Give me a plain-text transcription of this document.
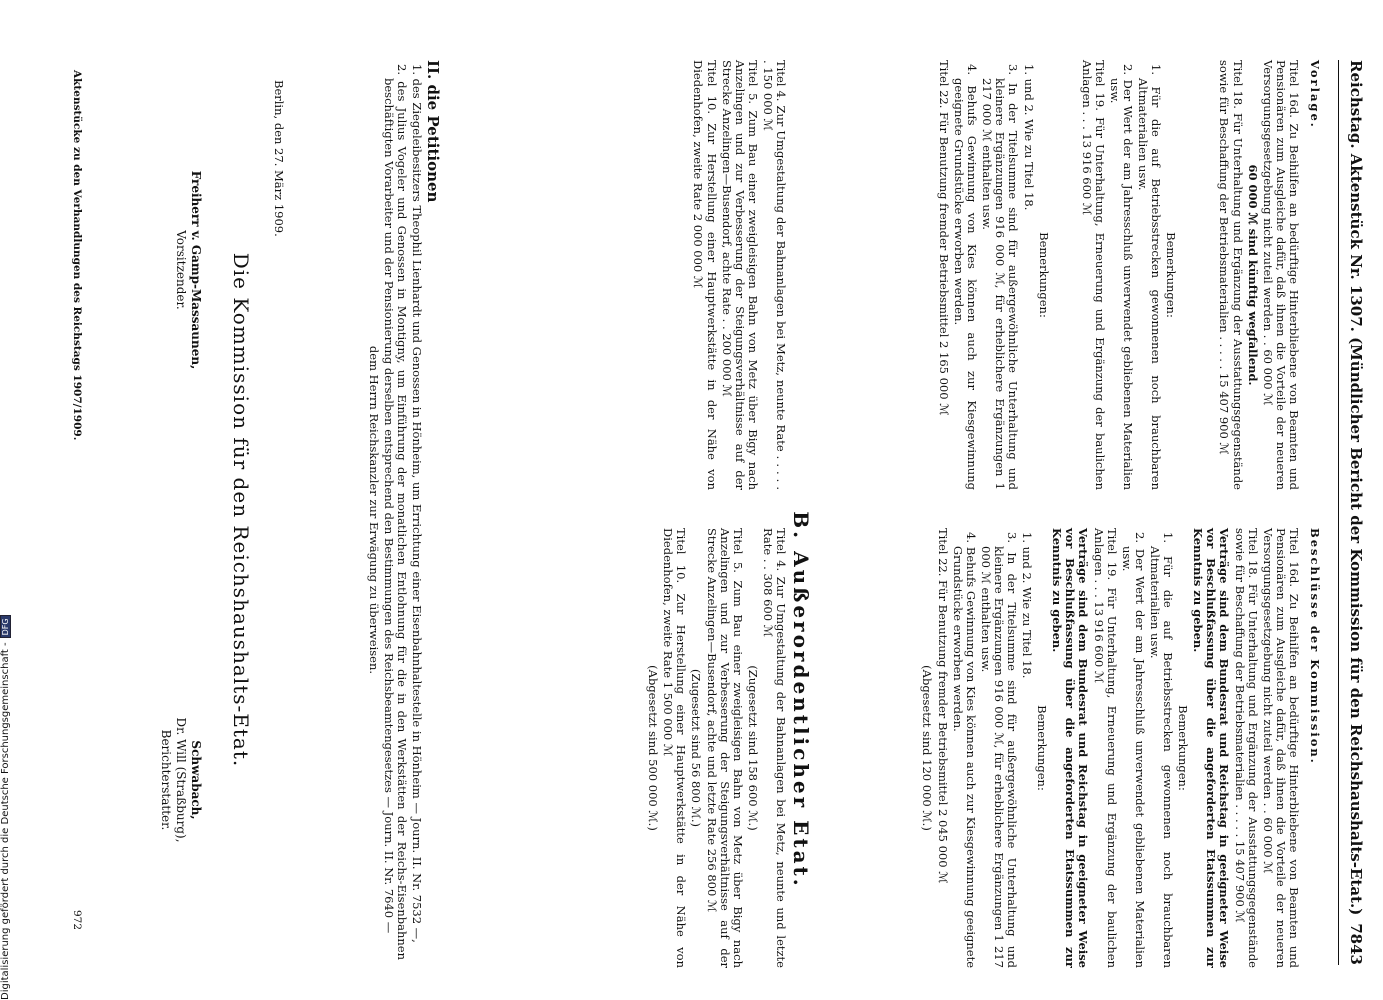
Reichstag. Aktenstück Nr. 1307. (Mündlicher Bericht der Kommission für den Reichshaushalts-Etat.)
7843

Vorlage.

Titel 16d. Zu Beihilfen an bedürftige Hinterbliebene von Beamten und Pensionären zum Ausgleiche dafür, daß ihnen die Vorteile der neueren Versorgungsgesetzgebung nicht zuteil werden . . 60 000 ℳ

60 000 ℳ sind künftig wegfallend.

Titel 18. Für Unterhaltung und Ergänzung der Ausstattungsgegenstände sowie für Beschaffung der Betriebsmaterialien . . . . . 15 407 900 ℳ

Bemerkungen:

1. Für die auf Betriebsstrecken gewonnenen noch brauchbaren Altmaterialien usw.

2. Der Wert der am Jahresschluß unverwendet gebliebenen Materialien usw.

Titel 19. Für Unterhaltung, Erneuerung und Ergänzung der baulichen Anlagen . . . 13 916 600 ℳ

Bemerkungen:

1. und 2. Wie zu Titel 18.

3. In der Titelsumme sind für außergewöhnliche Unterhaltung und kleinere Ergänzungen 916 000 ℳ, für erheblichere Ergänzungen 1 217 000 ℳ enthalten usw.

4. Behufs Gewinnung von Kies können auch zur Kiesgewinnung geeignete Grundstücke erworben werden.

Titel 22. Für Benutzung fremder Betriebsmittel 2 165 000 ℳ

Beschlüsse der Kommission.

Titel 16d. Zu Beihilfen an bedürftige Hinterbliebene von Beamten und Pensionären zum Ausgleiche dafür, daß ihnen die Vorteile der neueren Versorgungsgesetzgebung nicht zuteil werden . . 60 000 ℳ

Titel 18. Für Unterhaltung und Ergänzung der Ausstattungsgegenstände sowie für Beschaffung der Betriebsmaterialien . . . . . 15 407 900 ℳ

Verträge sind dem Bundesrat und Reichstag in geeigneter Weise vor Beschlußfassung über die angeforderten Etatssummen zur Kenntnis zu geben.

Bemerkungen:

1. Für die auf Betriebsstrecken gewonnenen noch brauchbaren Altmaterialien usw.

2. Der Wert der am Jahresschluß unverwendet gebliebenen Materialien usw.

Titel 19. Für Unterhaltung, Erneuerung und Ergänzung der baulichen Anlagen . . . 13 916 600 ℳ

Verträge sind dem Bundesrat und Reichstag in geeigneter Weise vor Beschlußfassung über die angeforderten Etatssummen zur Kenntnis zu geben.

Bemerkungen:

1. und 2. Wie zu Titel 18.

3. In der Titelsumme sind für außergewöhnliche Unterhaltung und kleinere Ergänzungen 916 000 ℳ, für erheblichere Ergänzungen 1 217 000 ℳ enthalten usw.

4. Behufs Gewinnung von Kies können auch zur Kiesgewinnung geeignete Grundstücke erworben werden.

Titel 22. Für Benutzung fremder Betriebsmittel 2 045 000 ℳ

(Abgesetzt sind 120 000 ℳ.)

B. Außerordentlicher Etat.

Titel 4. Zur Umgestaltung der Bahnanlagen bei Metz, neunte Rate . . . . . . 150 000 ℳ

Titel 5. Zum Bau einer zweigleisigen Bahn von Metz über Bigy nach Anzelingen und zur Verbesserung der Steigungsverhältnisse auf der Strecke Anzelingen—Busendorf, achte Rate . . 200 000 ℳ

Titel 10. Zur Herstellung einer Hauptwerkstätte in der Nähe von Diedenhofen, zweite Rate 2 000 000 ℳ

Titel 4. Zur Umgestaltung der Bahnanlagen bei Metz, neunte und letzte Rate . . 308 600 ℳ

(Zugesetzt sind 158 600 ℳ.)

Titel 5. Zum Bau einer zweigleisigen Bahn von Metz über Bigy nach Anzelingen und zur Verbesserung der Steigungsverhältnisse auf der Strecke Anzelingen—Busendorf, achte und letzte Rate 256 800 ℳ

(Zugesetzt sind 56 800 ℳ.)

Titel 10. Zur Herstellung einer Hauptwerkstätte in der Nähe von Diedenhofen, zweite Rate 1 500 000 ℳ

(Abgesetzt sind 500 000 ℳ.)

II. die Petitionen

1. des Ziegeleibesitzers Theophil Lienhardt und Genossen in Hönheim, um Errichtung einer Eisenbahnhaltestelle in Hönheim — Journ. II. Nr. 7532 —,

2. des Julius Vogeler und Genossen in Montigny, um Einführung der monatlichen Entlohnung für die in den Werkstätten der Reichs-Eisenbahnen beschäftigten Vorarbeiter und der Pensionierung derselben entsprechend den Bestimmungen des Reichsbeamtengesetzes — Journ. II. Nr. 7640 —

dem Herrn Reichskanzler zur Erwägung zu überweisen.

Berlin, den 27. März 1909.

Die Kommission für den Reichshaushalts-Etat.
Freiherr v. Gamp-Massaunen,
Vorsitzender.
Schwabach,
Dr. Will (Straßburg),
Berichterstatter.
Aktenstücke zu den Verhandlungen des Reichstags 1907/1909.
972
Digitalisierung gefördert durch die Deutsche Forschungsgemeinschaft -DFG
